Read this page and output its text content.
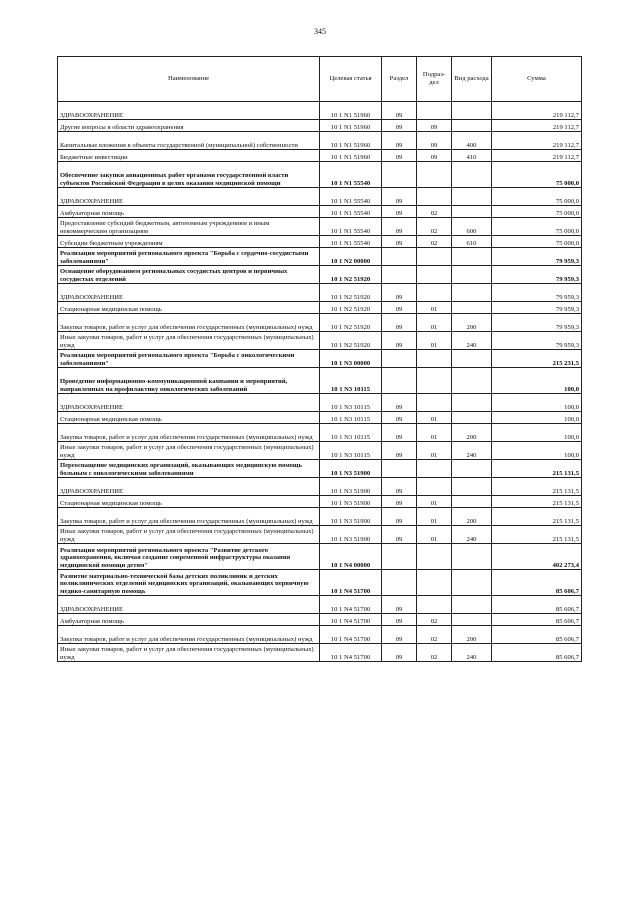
345
Наименование	Целевая статья	Раздел	Подраз-дел	Вид расхода	Сумма
ЗДРАВООХРАНЕНИЕ	10 1 N1 51960	09			219 112,7
Другие вопросы в области здравоохранения	10 1 N1 51960	09	09		219 112,7
Капитальные вложения в объекты государственной (муниципальной) собственности	10 1 N1 51960	09	09	400	219 112,7
Бюджетные инвестиции	10 1 N1 51960	09	09	410	219 112,7
Обеспечение закупки авиационных работ органами государственной власти субъектов Российской Федерации в целях оказания медицинской помощи	10 1 N1 55540				75 000,0
ЗДРАВООХРАНЕНИЕ	10 1 N1 55540	09			75 000,0
Амбулаторная помощь	10 1 N1 55540	09	02		75 000,0
Предоставление субсидий бюджетным, автономным учреждениям и иным некоммерческим организациям	10 1 N1 55540	09	02	600	75 000,0
Субсидии бюджетным учреждениям	10 1 N1 55540	09	02	610	75 000,0
Реализация мероприятий регионального проекта "Борьба с сердечно-сосудистыми заболеваниями"	10 1 N2 00000				79 959,3
Оснащение оборудованием региональных сосудистых центров и первичных сосудистых отделений	10 1 N2 51920				79 959,3
ЗДРАВООХРАНЕНИЕ	10 1 N2 51920	09			79 959,3
Стационарная медицинская помощь	10 1 N2 51920	09	01		79 959,3
Закупка товаров, работ и услуг для обеспечения государственных (муниципальных) нужд	10 1 N2 51920	09	01	200	79 959,3
Иные закупки товаров, работ и услуг для обеспечения государственных (муниципальных) нужд	10 1 N2 51920	09	01	240	79 959,3
Реализация мероприятий регионального проекта "Борьба с онкологическими заболеваниями"	10 1 N3 00000				215 231,5
Проведение информационно-коммуникационной кампании и мероприятий, направленных на профилактику онкологических заболеваний	10 1 N3 10115				100,0
ЗДРАВООХРАНЕНИЕ	10 1 N3 10115	09			100,0
Стационарная медицинская помощь	10 1 N3 10115	09	01		100,0
Закупка товаров, работ и услуг для обеспечения государственных (муниципальных) нужд	10 1 N3 10115	09	01	200	100,0
Иные закупки товаров, работ и услуг для обеспечения государственных (муниципальных) нужд	10 1 N3 10115	09	01	240	100,0
Переоснащение медицинских организаций, оказывающих медицинскую помощь больным с онкологическими заболеваниями	10 1 N3 51900				215 131,5
ЗДРАВООХРАНЕНИЕ	10 1 N3 51900	09			215 131,5
Стационарная медицинская помощь	10 1 N3 51900	09	01		215 131,5
Закупка товаров, работ и услуг для обеспечения государственных (муниципальных) нужд	10 1 N3 51900	09	01	200	215 131,5
Иные закупки товаров, работ и услуг для обеспечения государственных (муниципальных) нужд	10 1 N3 51900	09	01	240	215 131,5
Реализация мероприятий регионального проекта "Развитие детского здравоохранения, включая создание современной инфраструктуры оказания медицинской помощи детям"	10 1 N4 00000				402 273,4
Развитие материально-технической базы детских поликлиник и детских поликлинических отделений медицинских организаций, оказывающих первичную медико-санитарную помощь	10 1 N4 51700				85 606,7
ЗДРАВООХРАНЕНИЕ	10 1 N4 51700	09			85 606,7
Амбулаторная помощь	10 1 N4 51700	09	02		85 606,7
Закупка товаров, работ и услуг для обеспечения государственных (муниципальных) нужд	10 1 N4 51700	09	02	200	85 606,7
Иные закупки товаров, работ и услуг для обеспечения государственных (муниципальных) нужд	10 1 N4 51700	09	02	240	85 606,7
